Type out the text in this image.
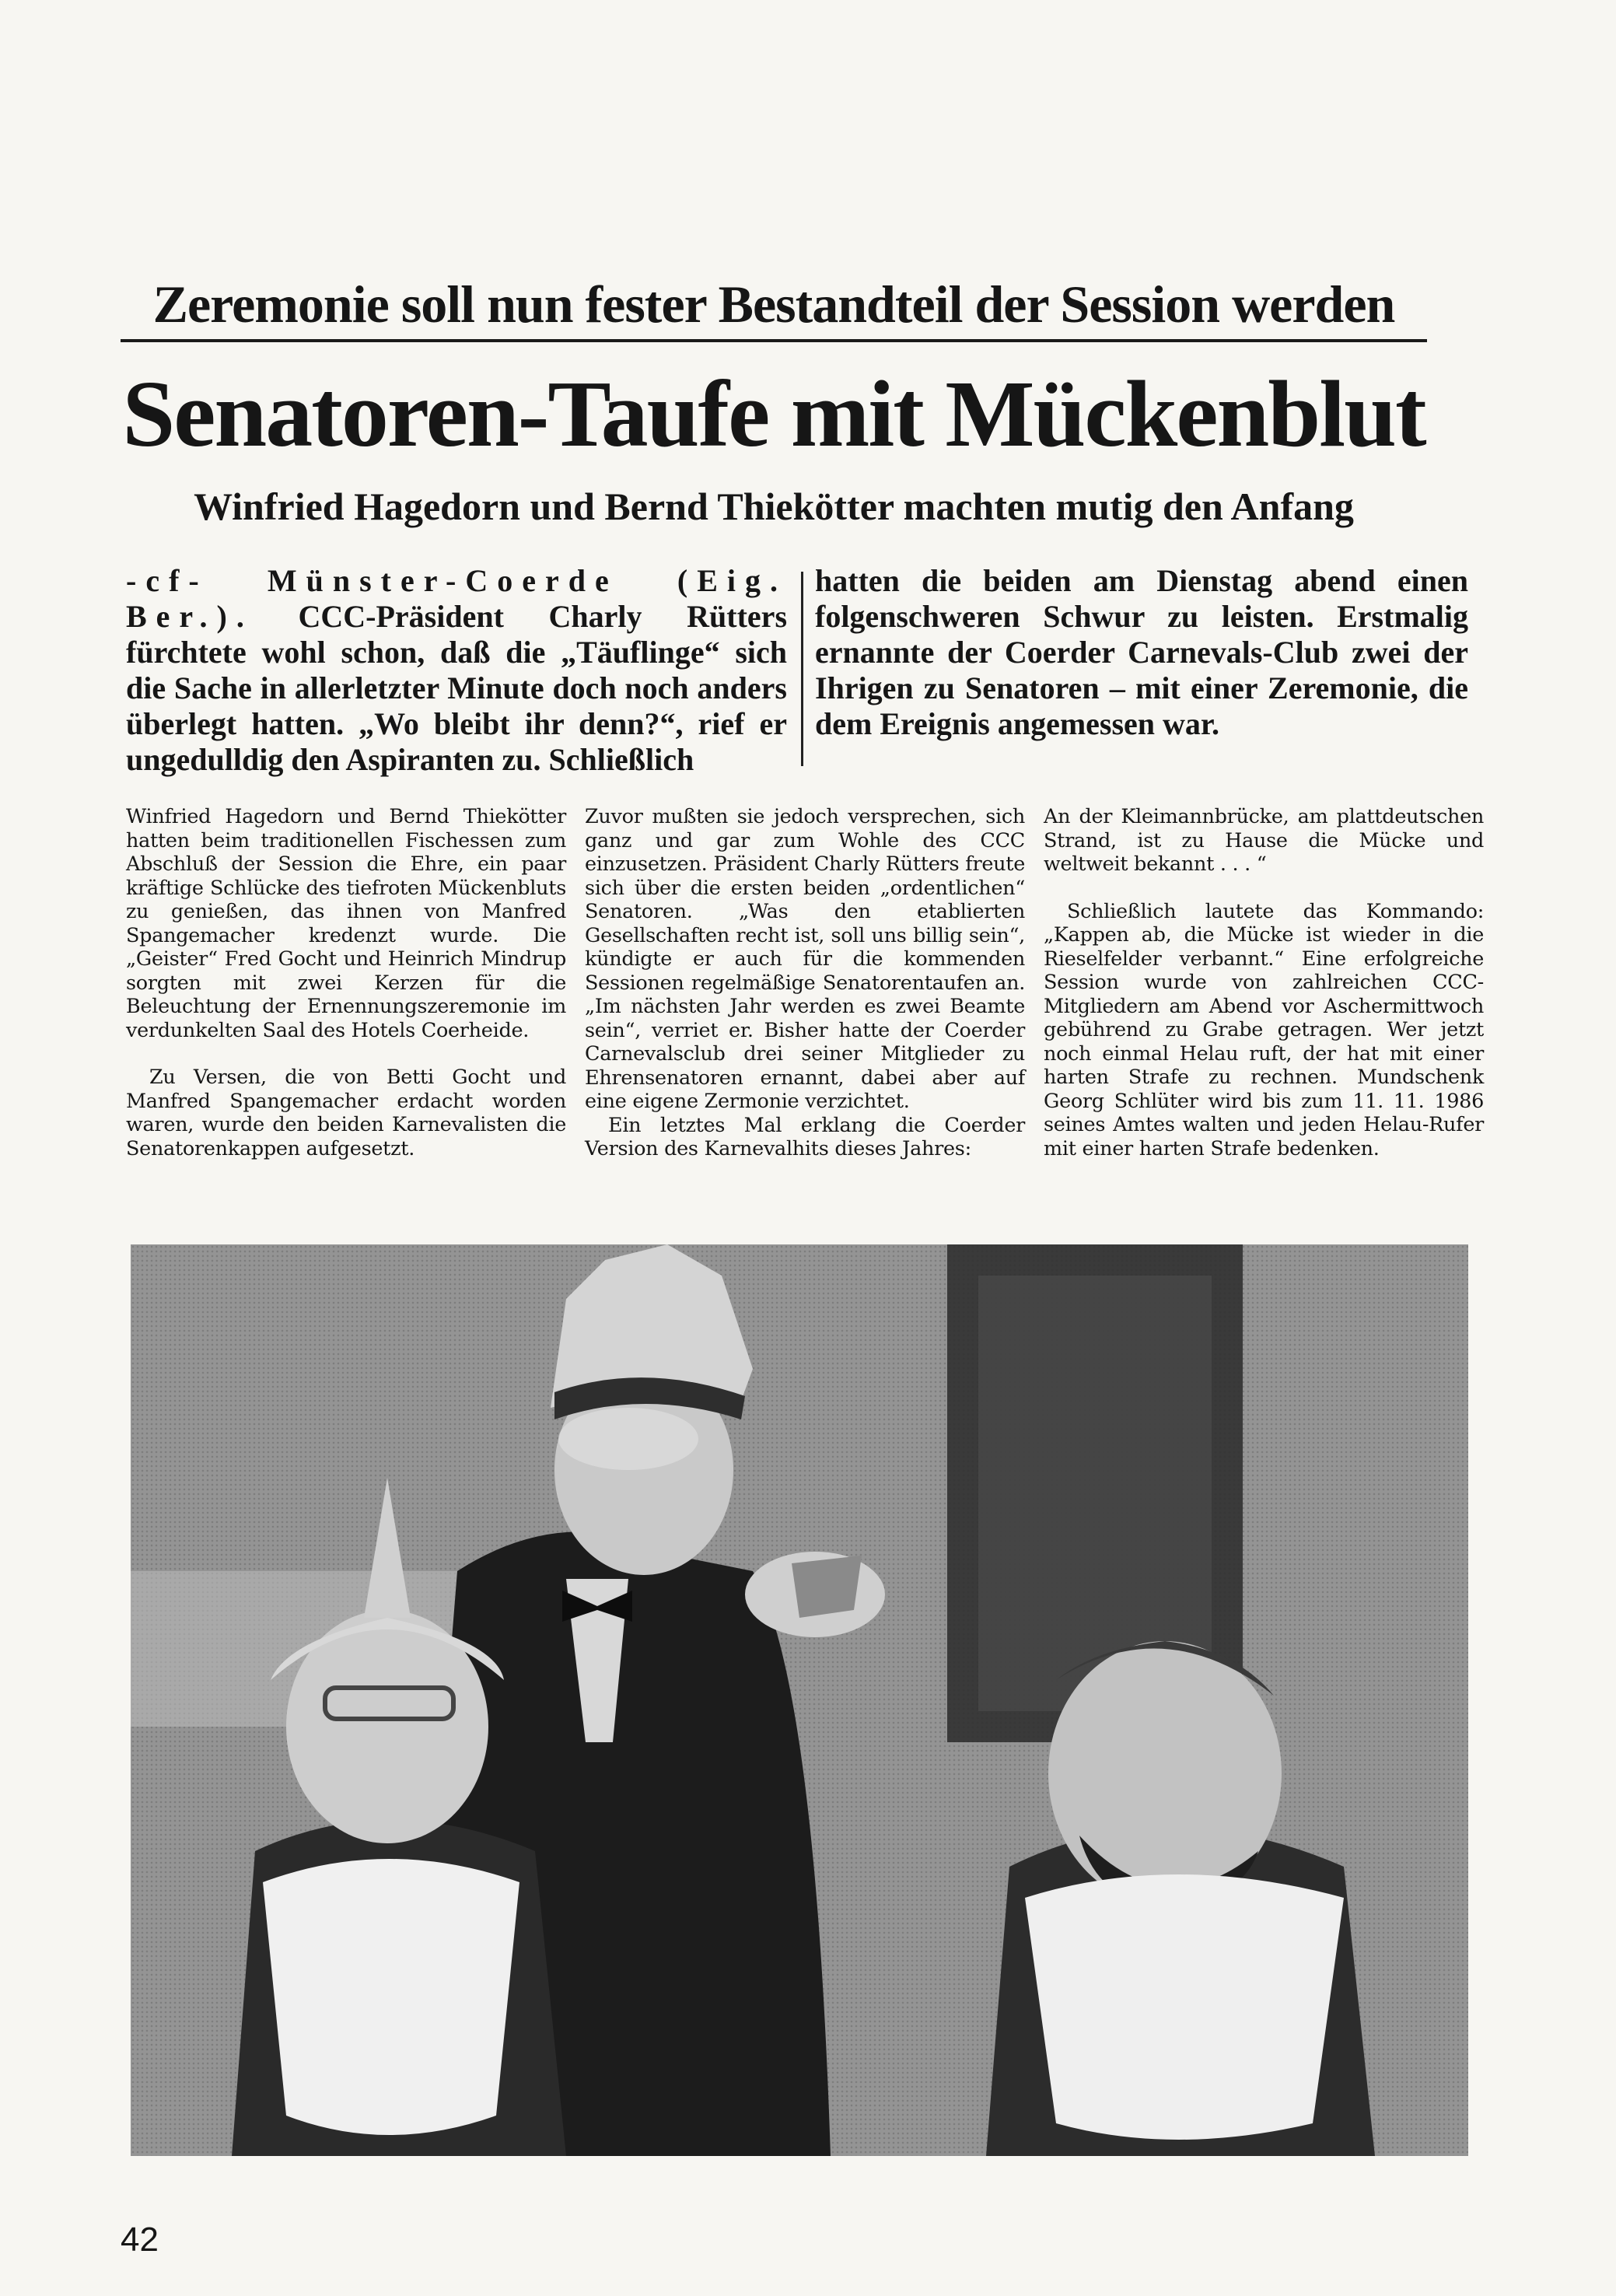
Zeremonie soll nun fester Bestandteil der Session werden
Senatoren-Taufe mit Mückenblut
Winfried Hagedorn und Bernd Thiekötter machten mutig den Anfang
-cf- Münster-Coerde (Eig. Ber.). CCC-Präsident Charly Rütters fürchtete wohl schon, daß die „Täuflinge“ sich die Sache in allerletzter Minute doch noch anders überlegt hatten. „Wo bleibt ihr denn?“, rief er ungedulldig den Aspiranten zu. Schließlich
hatten die beiden am Dienstag abend einen folgenschweren Schwur zu leisten. Erstmalig ernannte der Coerder Carnevals-Club zwei der Ihrigen zu Senatoren – mit einer Zeremonie, die dem Ereignis angemessen war.

Winfried Hagedorn und Bernd Thiekötter hatten beim traditionellen Fischessen zum Abschluß der Session die Ehre, ein paar kräftige Schlücke des tiefroten Mückenbluts zu genießen, das ihnen von Manfred Spangemacher kredenzt wurde. Die „Geister“ Fred Gocht und Heinrich Mindrup sorgten mit zwei Kerzen für die Beleuchtung der Ernennungszeremonie im verdunkelten Saal des Hotels Coerheide.

Zu Versen, die von Betti Gocht und Manfred Spangemacher erdacht worden waren, wurde den beiden Karnevalisten die Senatorenkappen aufgesetzt.

Zuvor mußten sie jedoch versprechen, sich ganz und gar zum Wohle des CCC einzusetzen. Präsident Charly Rütters freute sich über die ersten beiden „ordentlichen“ Senatoren. „Was den etablierten Gesellschaften recht ist, soll uns billig sein“, kündigte er auch für die kommenden Sessionen regelmäßige Senatorentaufen an. „Im nächsten Jahr werden es zwei Beamte sein“, verriet er. Bisher hatte der Coerder Carnevalsclub drei seiner Mitglieder zu Ehrensenatoren ernannt, dabei aber auf eine eigene Zermonie verzichtet.

Ein letztes Mal erklang die Coerder Version des Karnevalhits dieses Jahres:

An der Kleimannbrücke, am plattdeutschen Strand, ist zu Hause die Mücke und weltweit bekannt . . . “

Schließlich lautete das Kommando: „Kappen ab, die Mücke ist wieder in die Rieselfelder verbannt.“ Eine erfolgreiche Session wurde von zahlreichen CCC-Mitgliedern am Abend vor Aschermittwoch gebührend zu Grabe getragen. Wer jetzt noch einmal Helau ruft, der hat mit einer harten Strafe zu rechnen. Mundschenk Georg Schlüter wird bis zum 11. 11. 1986 seines Amtes walten und jeden Helau-Rufer mit einer harten Strafe bedenken.

42
